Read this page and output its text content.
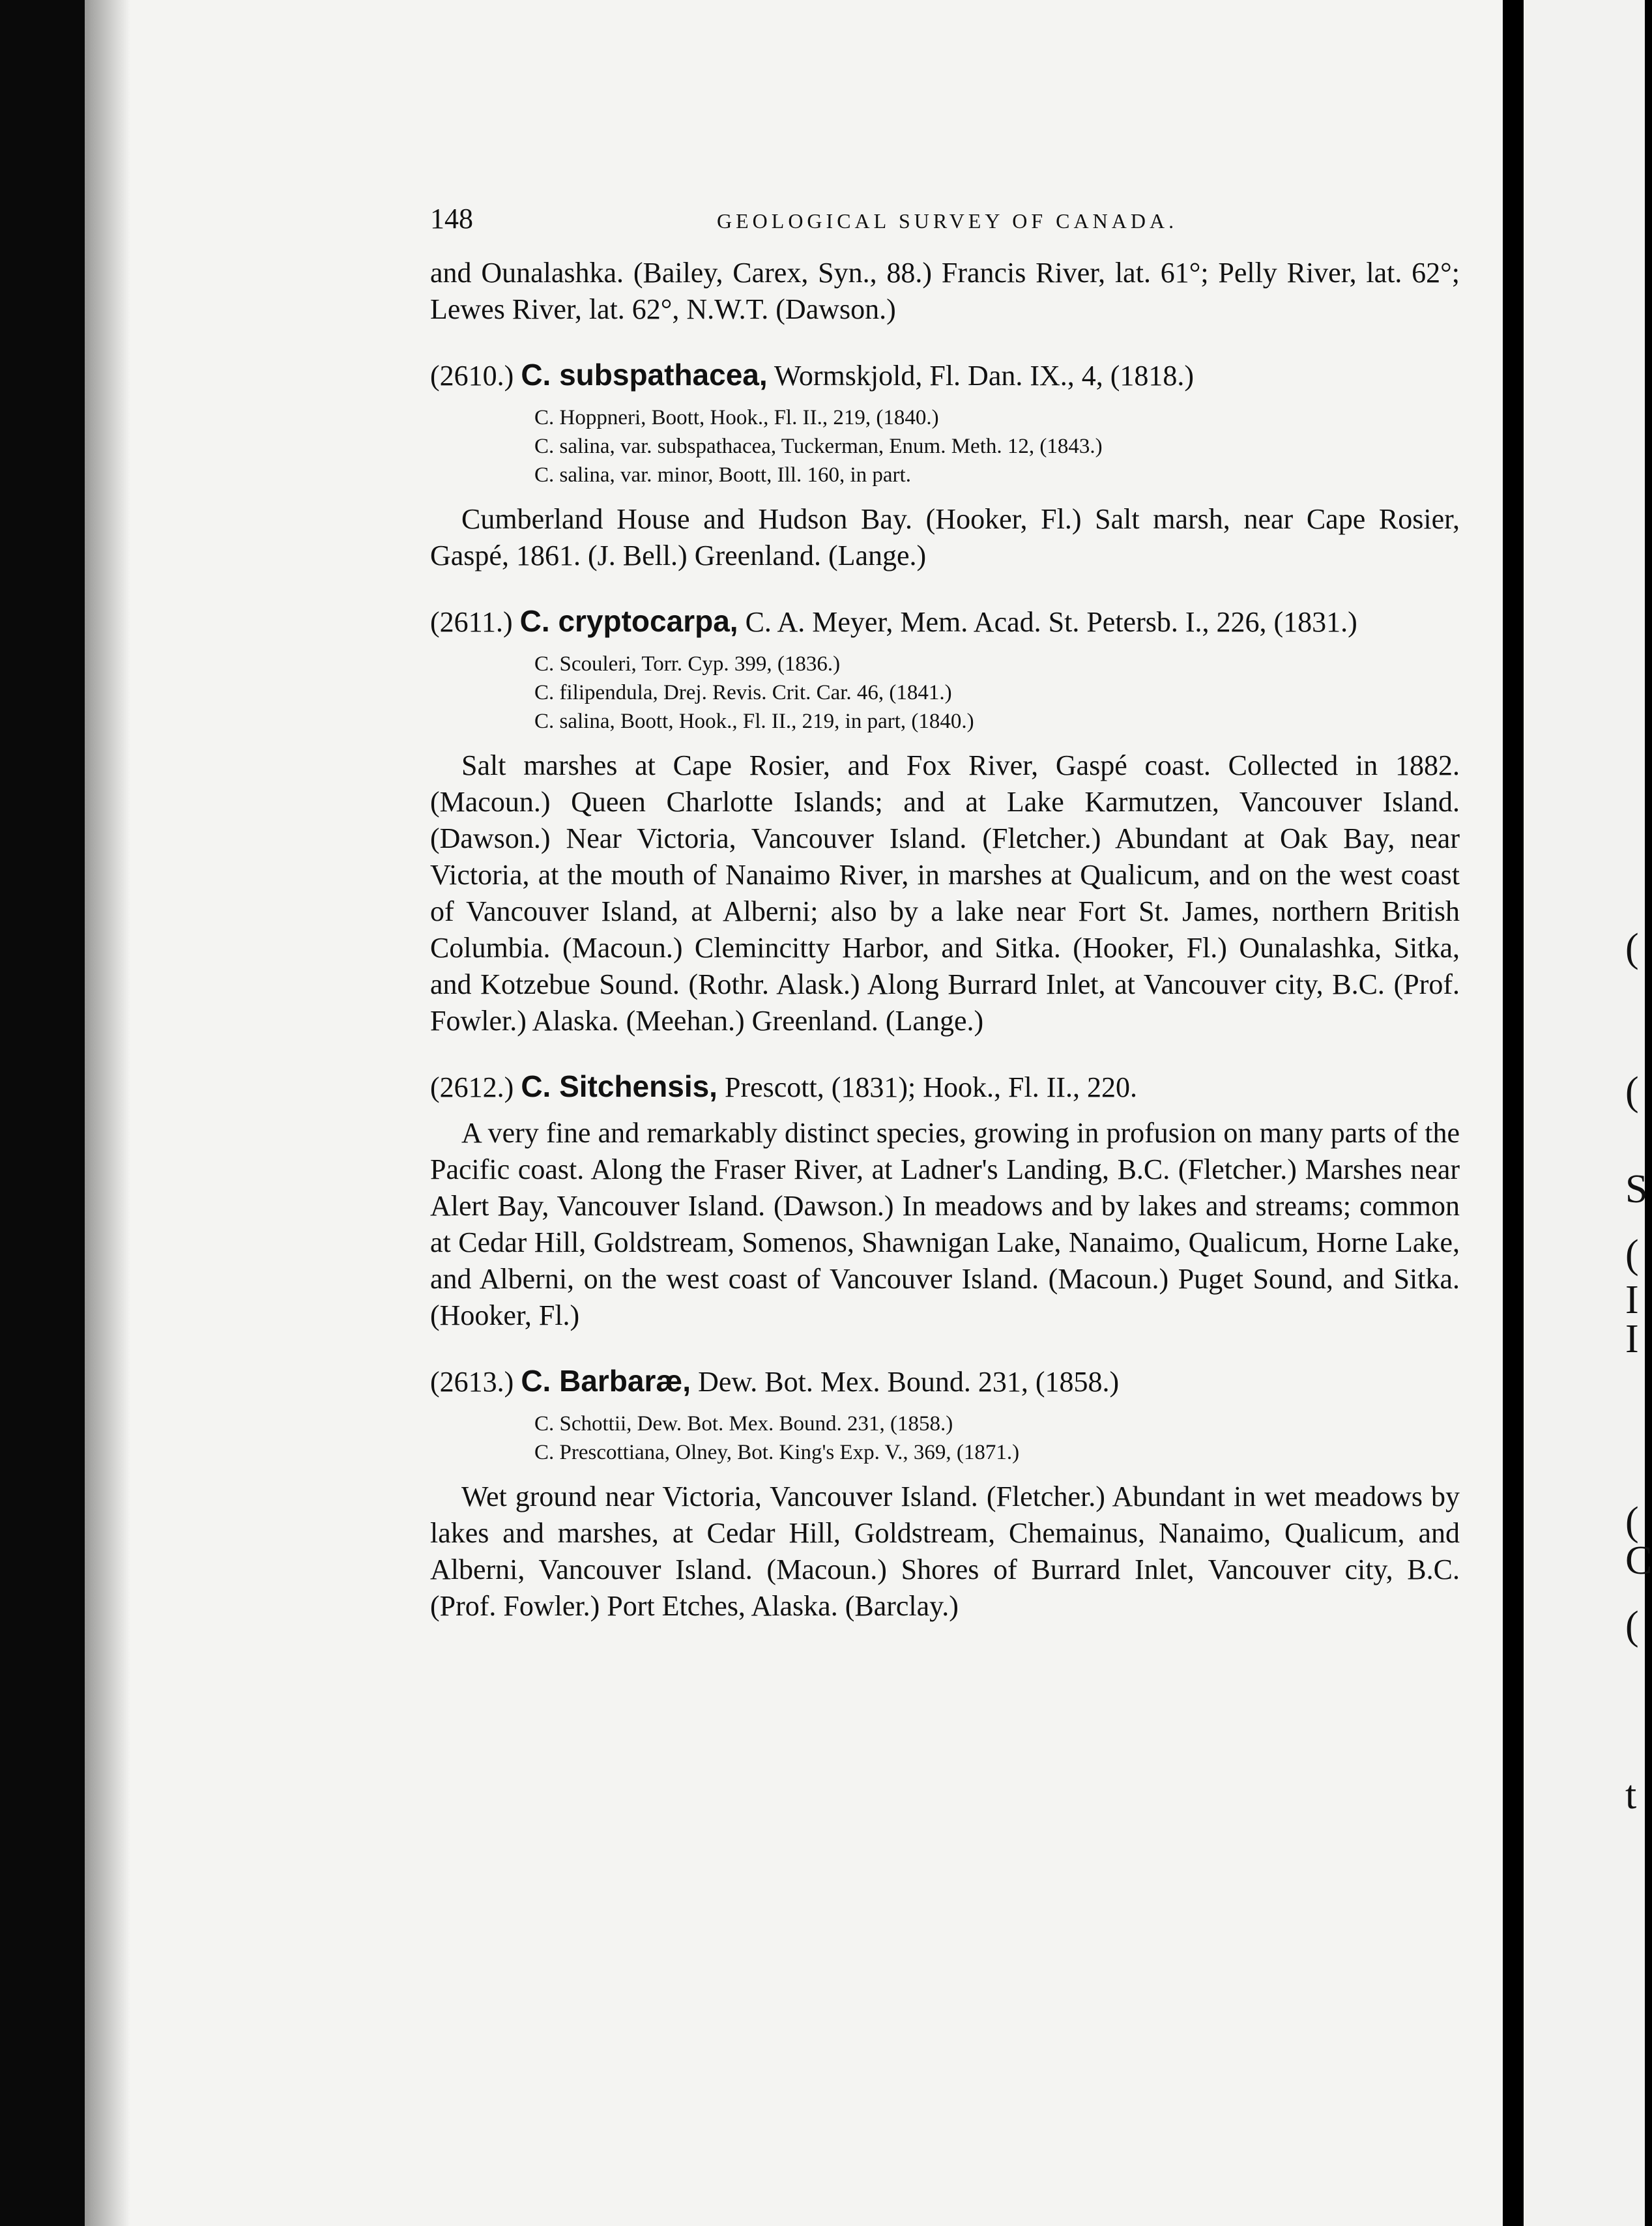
148	GEOLOGICAL SURVEY OF CANADA.

and Ounalashka. (Bailey, Carex, Syn., 88.) Francis River, lat. 61°; Pelly River, lat. 62°; Lewes River, lat. 62°, N.W.T. (Dawson.)

(2610.) C. subspathacea, Wormskjold, Fl. Dan. IX., 4, (1818.)
C. Hoppneri, Boott, Hook., Fl. II., 219, (1840.)
C. salina, var. subspathacea, Tuckerman, Enum. Meth. 12, (1843.)
C. salina, var. minor, Boott, Ill. 160, in part.

Cumberland House and Hudson Bay. (Hooker, Fl.) Salt marsh, near Cape Rosier, Gaspé, 1861. (J. Bell.) Greenland. (Lange.)

(2611.) C. cryptocarpa, C. A. Meyer, Mem. Acad. St. Petersb. I., 226, (1831.)
C. Scouleri, Torr. Cyp. 399, (1836.)
C. filipendula, Drej. Revis. Crit. Car. 46, (1841.)
C. salina, Boott, Hook., Fl. II., 219, in part, (1840.)

Salt marshes at Cape Rosier, and Fox River, Gaspé coast. Collected in 1882. (Macoun.) Queen Charlotte Islands; and at Lake Karmutzen, Vancouver Island. (Dawson.) Near Victoria, Vancouver Island. (Fletcher.) Abundant at Oak Bay, near Victoria, at the mouth of Nanaimo River, in marshes at Qualicum, and on the west coast of Vancouver Island, at Alberni; also by a lake near Fort St. James, northern British Columbia. (Macoun.) Clemincitty Harbor, and Sitka. (Hooker, Fl.) Ounalashka, Sitka, and Kotzebue Sound. (Rothr. Alask.) Along Burrard Inlet, at Vancouver city, B.C. (Prof. Fowler.) Alaska. (Meehan.) Greenland. (Lange.)

(2612.) C. Sitchensis, Prescott, (1831); Hook., Fl. II., 220.

A very fine and remarkably distinct species, growing in profusion on many parts of the Pacific coast. Along the Fraser River, at Ladner's Landing, B.C. (Fletcher.) Marshes near Alert Bay, Vancouver Island. (Dawson.) In meadows and by lakes and streams; common at Cedar Hill, Goldstream, Somenos, Shawnigan Lake, Nanaimo, Qualicum, Horne Lake, and Alberni, on the west coast of Vancouver Island. (Macoun.) Puget Sound, and Sitka. (Hooker, Fl.)

(2613.) C. Barbaræ, Dew. Bot. Mex. Bound. 231, (1858.)
C. Schottii, Dew. Bot. Mex. Bound. 231, (1858.)
C. Prescottiana, Olney, Bot. King's Exp. V., 369, (1871.)

Wet ground near Victoria, Vancouver Island. (Fletcher.) Abundant in wet meadows by lakes and marshes, at Cedar Hill, Goldstream, Chemainus, Nanaimo, Qualicum, and Alberni, Vancouver Island. (Macoun.) Shores of Burrard Inlet, Vancouver city, B.C. (Prof. Fowler.) Port Etches, Alaska. (Barclay.)

(
(
S
(
I
I
(
C
(
t
